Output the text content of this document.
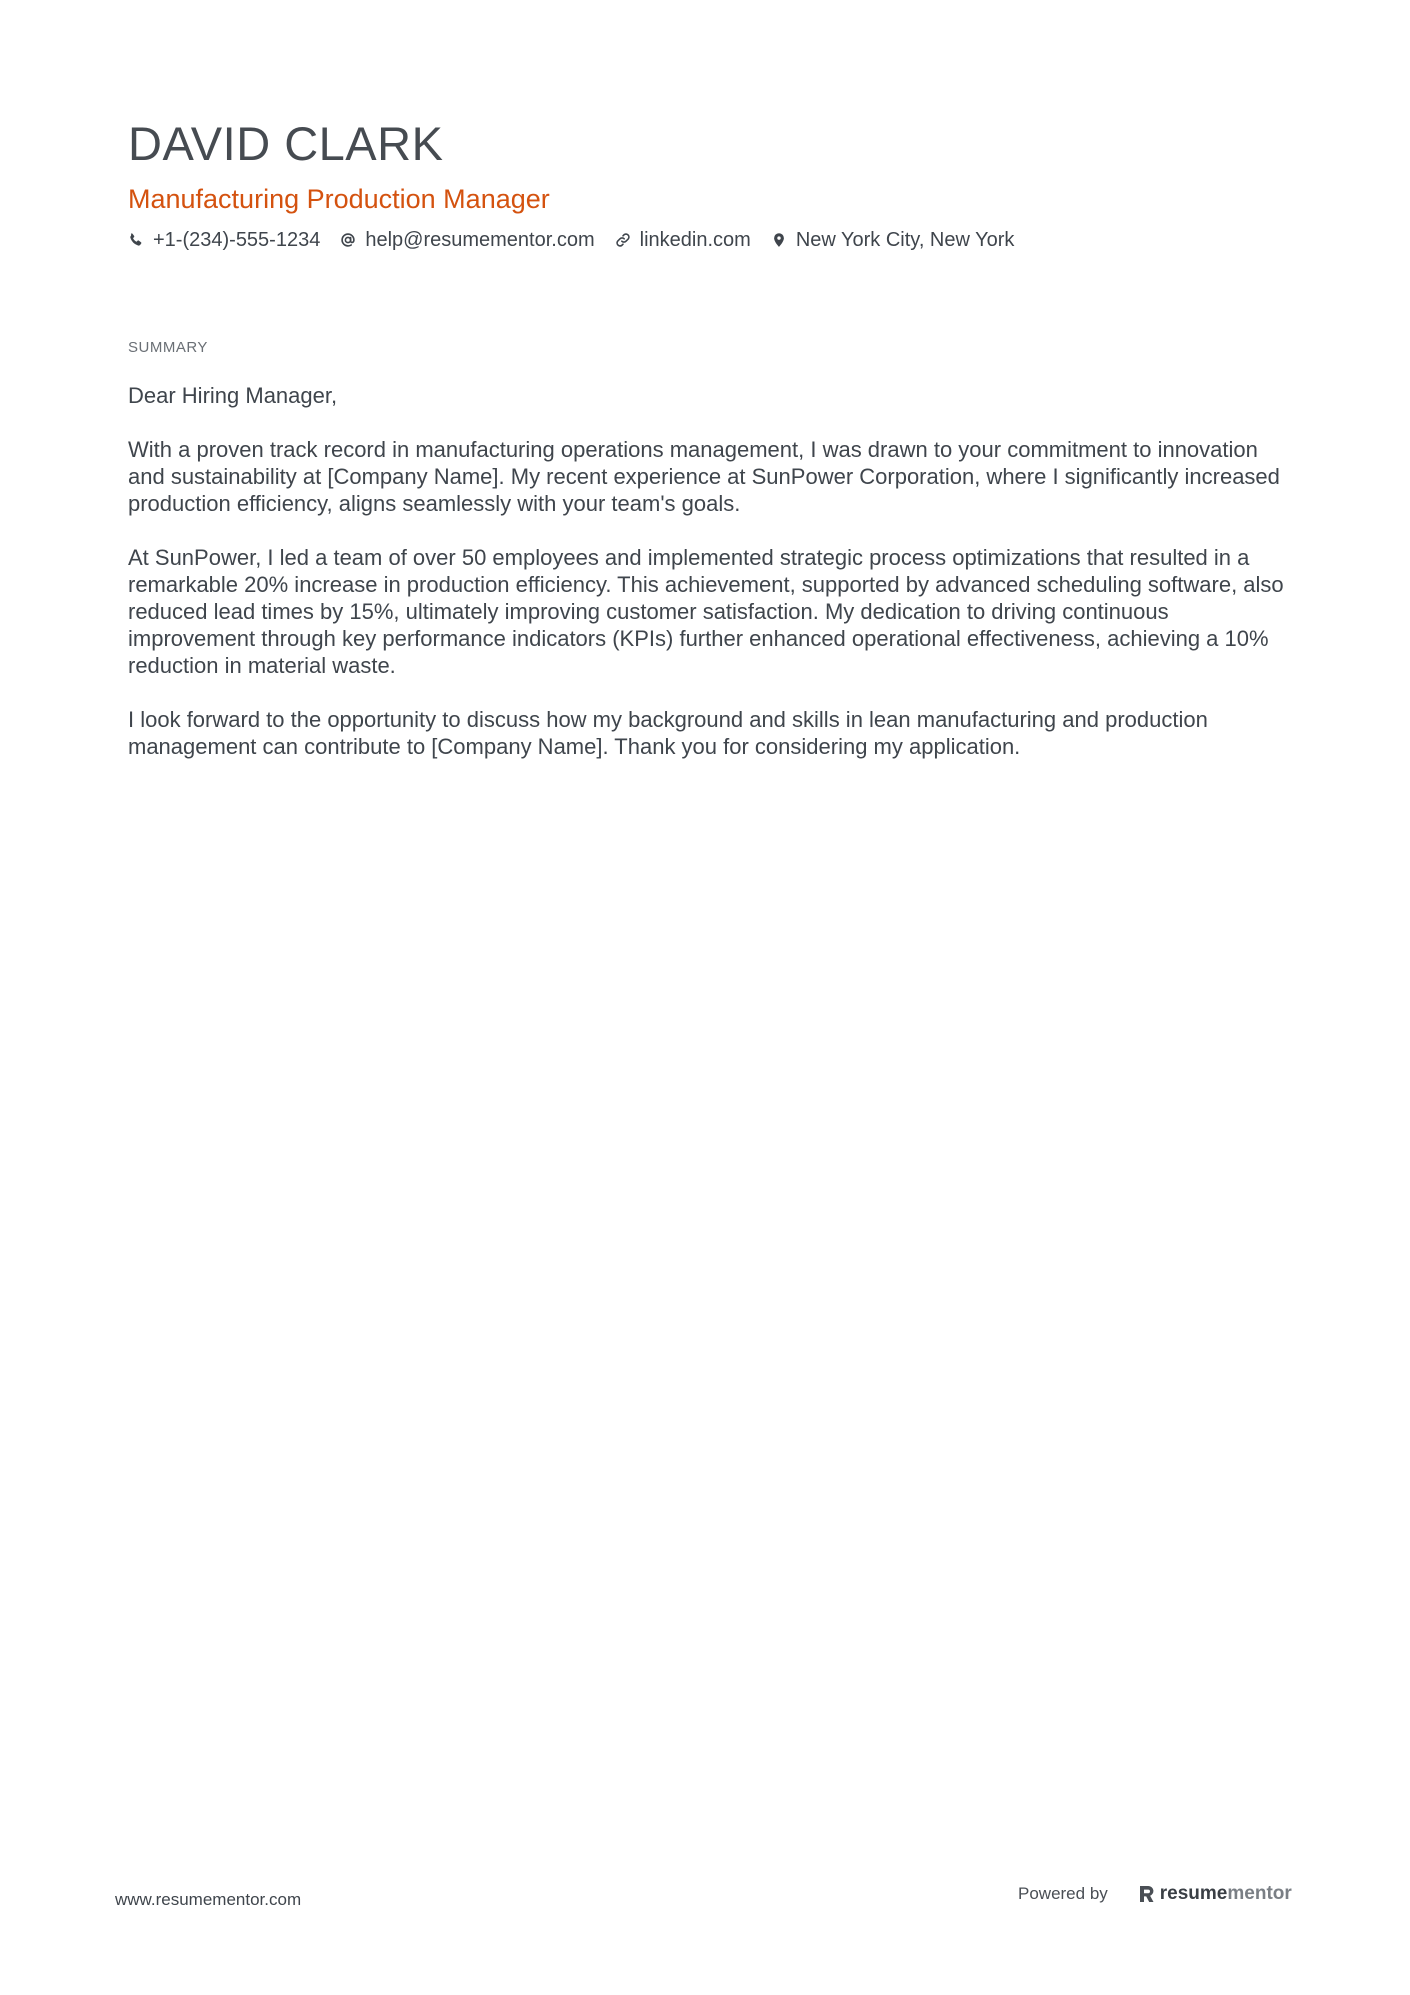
DAVID CLARK
Manufacturing Production Manager
+1-(234)-555-1234 help@resumementor.com linkedin.com New York City, New York
SUMMARY

Dear Hiring Manager,

With a proven track record in manufacturing operations management, I was drawn to your commitment to innovation and sustainability at [Company Name]. My recent experience at SunPower Corporation, where I significantly increased production efficiency, aligns seamlessly with your team's goals.

At SunPower, I led a team of over 50 employees and implemented strategic process optimizations that resulted in a remarkable 20% increase in production efficiency. This achievement, supported by advanced scheduling software, also reduced lead times by 15%, ultimately improving customer satisfaction. My dedication to driving continuous improvement through key performance indicators (KPIs) further enhanced operational effectiveness, achieving a 10% reduction in material waste.

I look forward to the opportunity to discuss how my background and skills in lean manufacturing and production management can contribute to [Company Name]. Thank you for considering my application.

www.resumementor.com	Powered by	resume mentor
